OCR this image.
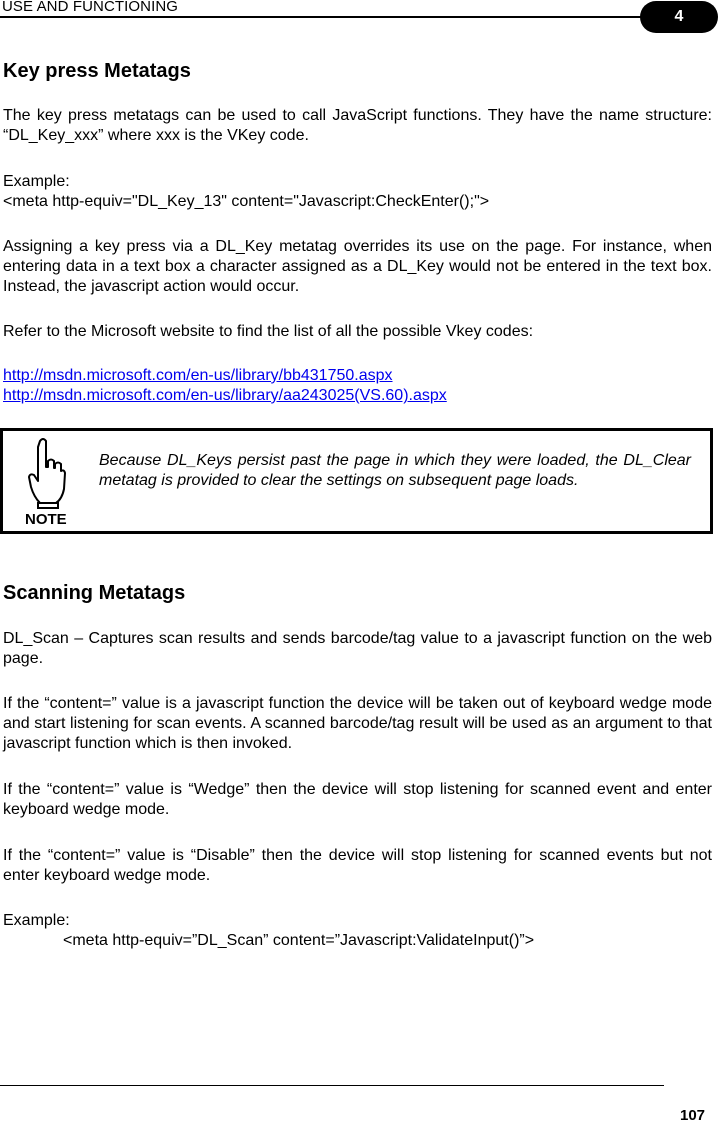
USE AND FUNCTIONING
4
Key press Metatags

The key press metatags can be used to call JavaScript functions. They have the name structure: “DL_Key_xxx” where xxx is the VKey code.

Example:

<meta http-equiv="DL_Key_13" content="Javascript:CheckEnter();">

Assigning a key press via a DL_Key metatag overrides its use on the page. For instance, when entering data in a text box a character assigned as a DL_Key would not be entered in the text box. Instead, the javascript action would occur.

Refer to the Microsoft website to find the list of all the possible Vkey codes:

http://msdn.microsoft.com/en-us/library/bb431750.aspx

http://msdn.microsoft.com/en-us/library/aa243025(VS.60).aspx

NOTE
Because DL_Keys persist past the page in which they were loaded, the DL_Clear metatag is provided to clear the settings on subsequent page loads.
Scanning Metatags

DL_Scan – Captures scan results and sends barcode/tag value to a javascript function on the web page.

If the “content=” value is a javascript function the device will be taken out of keyboard wedge mode and start listening for scan events. A scanned barcode/tag result will be used as an argument to that javascript function which is then invoked.

If the “content=” value is “Wedge” then the device will stop listening for scanned event and enter keyboard wedge mode.

If the “content=” value is “Disable” then the device will stop listening for scanned events but not enter keyboard wedge mode.

Example:

<meta http-equiv=”DL_Scan” content=”Javascript:ValidateInput()”>

107
